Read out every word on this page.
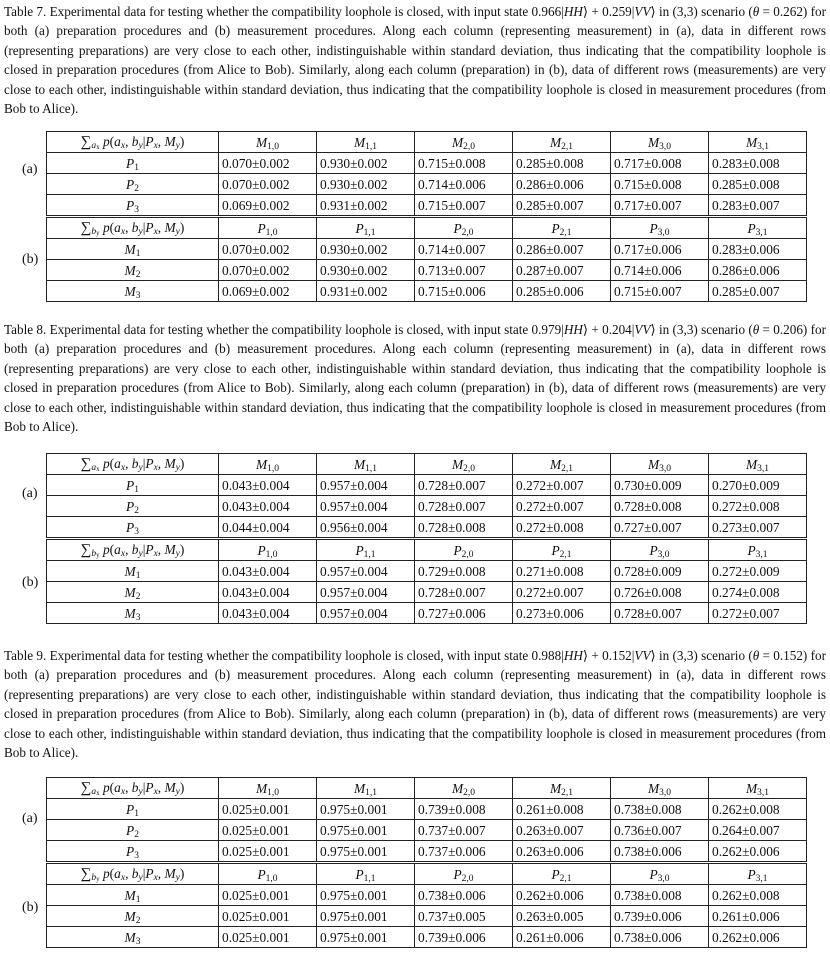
Table 7. Experimental data for testing whether the compatibility loophole is closed, with input state 0.966|HH⟩ + 0.259|VV⟩ in (3,3) scenario (θ = 0.262) for both (a) preparation procedures and (b) measurement procedures. Along each column (representing measurement) in (a), data in different rows (representing preparations) are very close to each other, indistinguishable within standard deviation, thus indicating that the compatibility loophole is closed in preparation procedures (from Alice to Bob). Similarly, along each column (preparation) in (b), data of different rows (measurements) are very close to each other, indistinguishable within standard deviation, thus indicating that the compatibility loophole is closed in measurement procedures (from Bob to Alice).

(a)
(b)
$\sum_{a_x}$ $p(a_x$, $b_y|P_x$, $M_y$)	$M_{1,0}$	$M_{1,1}$	$M_{2,0}$	$M_{2,1}$	$M_{3,0}$	$M_{3,1}$
$P_1$	0.070±0.002	0.930±0.002	0.715±0.008	0.285±0.008	0.717±0.008	0.283±0.008
$P_2$	0.070±0.002	0.930±0.002	0.714±0.006	0.286±0.006	0.715±0.008	0.285±0.008
$P_3$	0.069±0.002	0.931±0.002	0.715±0.007	0.285±0.007	0.717±0.007	0.283±0.007
$\sum_{b_y}$ $p(a_x$, $b_y|P_x$, $M_y$)	$P_{1,0}$	$P_{1,1}$	$P_{2,0}$	$P_{2,1}$	$P_{3,0}$	$P_{3,1}$
$M_1$	0.070±0.002	0.930±0.002	0.714±0.007	0.286±0.007	0.717±0.006	0.283±0.006
$M_2$	0.070±0.002	0.930±0.002	0.713±0.007	0.287±0.007	0.714±0.006	0.286±0.006
$M_3$	0.069±0.002	0.931±0.002	0.715±0.006	0.285±0.006	0.715±0.007	0.285±0.007

Table 8. Experimental data for testing whether the compatibility loophole is closed, with input state 0.979|HH⟩ + 0.204|VV⟩ in (3,3) scenario (θ = 0.206) for both (a) preparation procedures and (b) measurement procedures. Along each column (representing measurement) in (a), data in different rows (representing preparations) are very close to each other, indistinguishable within standard deviation, thus indicating that the compatibility loophole is closed in preparation procedures (from Alice to Bob). Similarly, along each column (preparation) in (b), data of different rows (measurements) are very close to each other, indistinguishable within standard deviation, thus indicating that the compatibility loophole is closed in measurement procedures (from Bob to Alice).

(a)
(b)
$\sum_{a_x}$ $p(a_x$, $b_y|P_x$, $M_y$)	$M_{1,0}$	$M_{1,1}$	$M_{2,0}$	$M_{2,1}$	$M_{3,0}$	$M_{3,1}$
$P_1$	0.043±0.004	0.957±0.004	0.728±0.007	0.272±0.007	0.730±0.009	0.270±0.009
$P_2$	0.043±0.004	0.957±0.004	0.728±0.007	0.272±0.007	0.728±0.008	0.272±0.008
$P_3$	0.044±0.004	0.956±0.004	0.728±0.008	0.272±0.008	0.727±0.007	0.273±0.007
$\sum_{b_y}$ $p(a_x$, $b_y|P_x$, $M_y$)	$P_{1,0}$	$P_{1,1}$	$P_{2,0}$	$P_{2,1}$	$P_{3,0}$	$P_{3,1}$
$M_1$	0.043±0.004	0.957±0.004	0.729±0.008	0.271±0.008	0.728±0.009	0.272±0.009
$M_2$	0.043±0.004	0.957±0.004	0.728±0.007	0.272±0.007	0.726±0.008	0.274±0.008
$M_3$	0.043±0.004	0.957±0.004	0.727±0.006	0.273±0.006	0.728±0.007	0.272±0.007

Table 9. Experimental data for testing whether the compatibility loophole is closed, with input state 0.988|HH⟩ + 0.152|VV⟩ in (3,3) scenario (θ = 0.152) for both (a) preparation procedures and (b) measurement procedures. Along each column (representing measurement) in (a), data in different rows (representing preparations) are very close to each other, indistinguishable within standard deviation, thus indicating that the compatibility loophole is closed in preparation procedures (from Alice to Bob). Similarly, along each column (preparation) in (b), data of different rows (measurements) are very close to each other, indistinguishable within standard deviation, thus indicating that the compatibility loophole is closed in measurement procedures (from Bob to Alice).

(a)
(b)
$\sum_{a_x}$ $p(a_x$, $b_y|P_x$, $M_y$)	$M_{1,0}$	$M_{1,1}$	$M_{2,0}$	$M_{2,1}$	$M_{3,0}$	$M_{3,1}$
$P_1$	0.025±0.001	0.975±0.001	0.739±0.008	0.261±0.008	0.738±0.008	0.262±0.008
$P_2$	0.025±0.001	0.975±0.001	0.737±0.007	0.263±0.007	0.736±0.007	0.264±0.007
$P_3$	0.025±0.001	0.975±0.001	0.737±0.006	0.263±0.006	0.738±0.006	0.262±0.006
$\sum_{b_y}$ $p(a_x$, $b_y|P_x$, $M_y$)	$P_{1,0}$	$P_{1,1}$	$P_{2,0}$	$P_{2,1}$	$P_{3,0}$	$P_{3,1}$
$M_1$	0.025±0.001	0.975±0.001	0.738±0.006	0.262±0.006	0.738±0.008	0.262±0.008
$M_2$	0.025±0.001	0.975±0.001	0.737±0.005	0.263±0.005	0.739±0.006	0.261±0.006
$M_3$	0.025±0.001	0.975±0.001	0.739±0.006	0.261±0.006	0.738±0.006	0.262±0.006
